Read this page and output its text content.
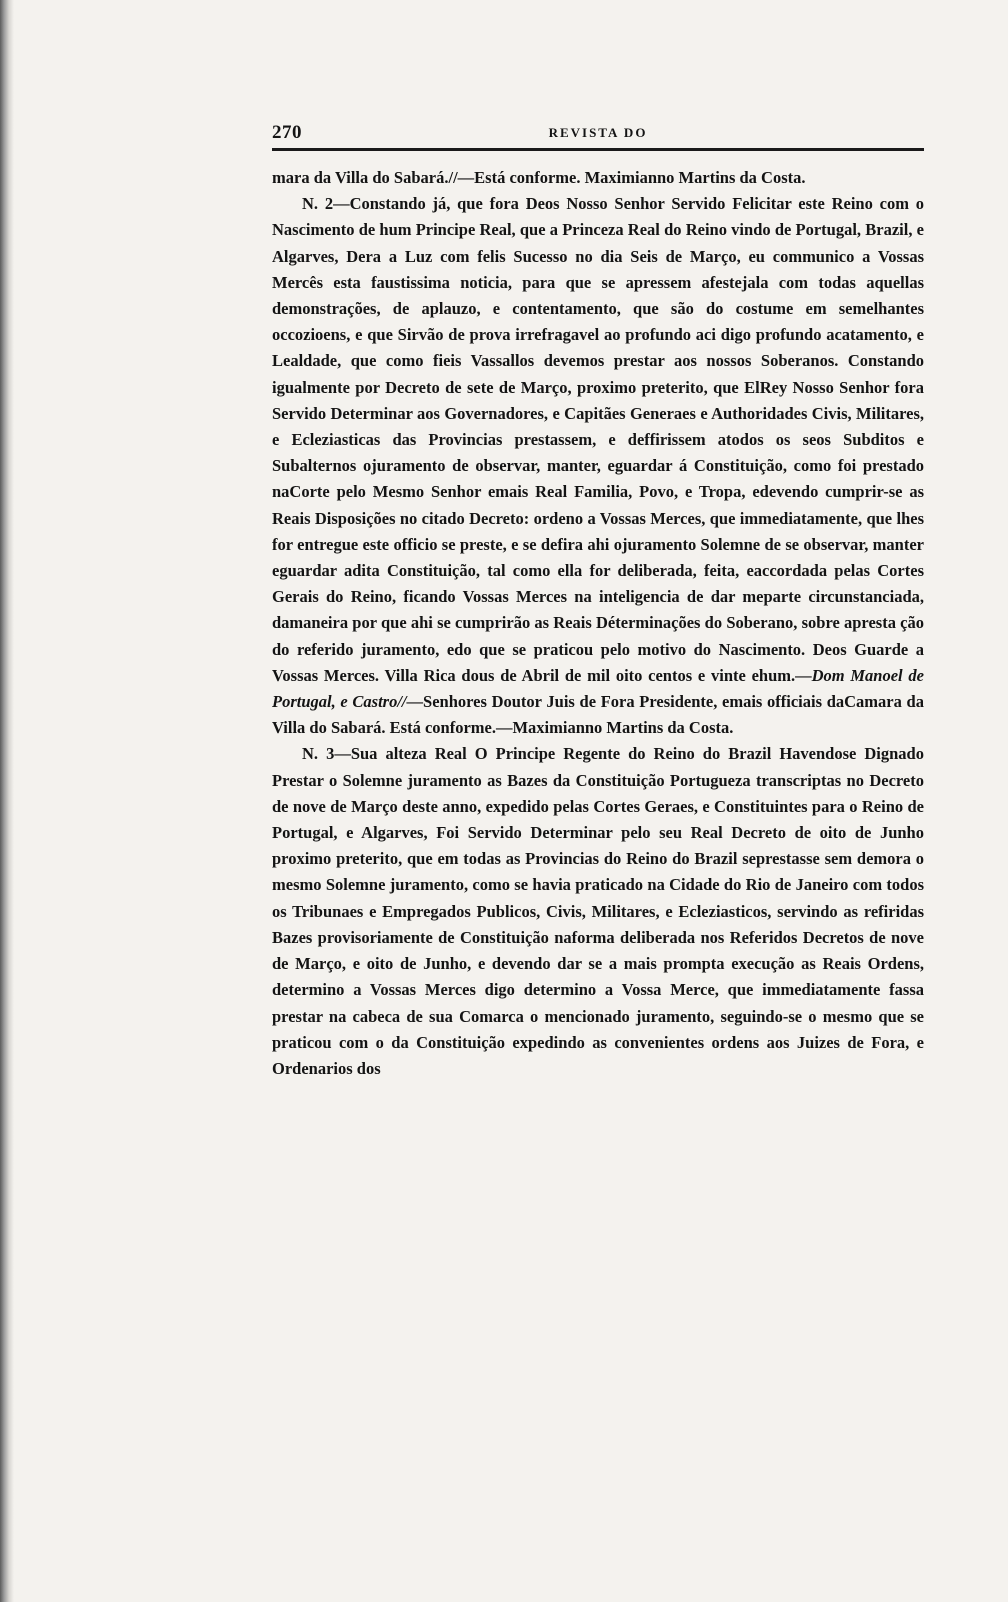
270	REVISTA DO

mara da Villa do Sabará.//—Está conforme. Maximianno Martins da Costa.

N. 2—Constando já, que fora Deos Nosso Senhor Servido Felicitar este Reino com o Nascimento de hum Principe Real, que a Princeza Real do Reino vindo de Portugal, Brazil, e Algarves, Dera a Luz com felis Sucesso no dia Seis de Março, eu communico a Vossas Mercês esta faustissima noticia, para que se apressem afestejala com todas aquellas demonstrações, de aplauzo, e contentamento, que são do costume em semelhantes occozioens, e que Sirvão de prova irrefragavel ao profundo aci digo profundo acatamento, e Lealdade, que como fieis Vassallos devemos prestar aos nossos Soberanos. Constando igualmente por Decreto de sete de Março, proximo preterito, que ElRey Nosso Senhor fora Servido Determinar aos Governadores, e Capitães Generaes e Authoridades Civis, Militares, e Ecleziasticas das Provincias prestassem, e deffirissem atodos os seos Subditos e Subalternos ojuramento de observar, manter, eguardar á Constituição, como foi prestado naCorte pelo Mesmo Senhor emais Real Familia, Povo, e Tropa, edevendo cumprir-se as Reais Disposições no citado Decreto: ordeno a Vossas Merces, que immediatamente, que lhes for entregue este officio se preste, e se defira ahi ojuramento Solemne de se observar, manter eguardar adita Constituição, tal como ella for deliberada, feita, eaccordada pelas Cortes Gerais do Reino, ficando Vossas Merces na inteligencia de dar meparte circunstanciada, damaneira por que ahi se cumprirão as Reais Déterminações do Soberano, sobre apresta ção do referido juramento, edo que se praticou pelo motivo do Nascimento. Deos Guarde a Vossas Merces. Villa Rica dous de Abril de mil oito centos e vinte ehum.—Dom Manoel de Portugal, e Castro//—Senhores Doutor Juis de Fora Presidente, emais officiais daCamara da Villa do Sabará. Está conforme.—Maximianno Martins da Costa.

N. 3—Sua alteza Real O Principe Regente do Reino do Brazil Havendose Dignado Prestar o Solemne juramento as Bazes da Constituição Portugueza transcriptas no Decreto de nove de Março deste anno, expedido pelas Cortes Geraes, e Constituintes para o Reino de Portugal, e Algarves, Foi Servido Determinar pelo seu Real Decreto de oito de Junho proximo preterito, que em todas as Provincias do Reino do Brazil seprestasse sem demora o mesmo Solemne juramento, como se havia praticado na Cidade do Rio de Janeiro com todos os Tribunaes e Empregados Publicos, Civis, Militares, e Ecleziasticos, servindo as refiridas Bazes provisoriamente de Constituição naforma deliberada nos Referidos Decretos de nove de Março, e oito de Junho, e devendo dar se a mais prompta execução as Reais Ordens, determino a Vossas Merces digo determino a Vossa Merce, que immediatamente fassa prestar na cabeca de sua Comarca o mencionado juramento, seguindo-se o mesmo que se praticou com o da Constituição expedindo as convenientes ordens aos Juizes de Fora, e Ordenarios dos
